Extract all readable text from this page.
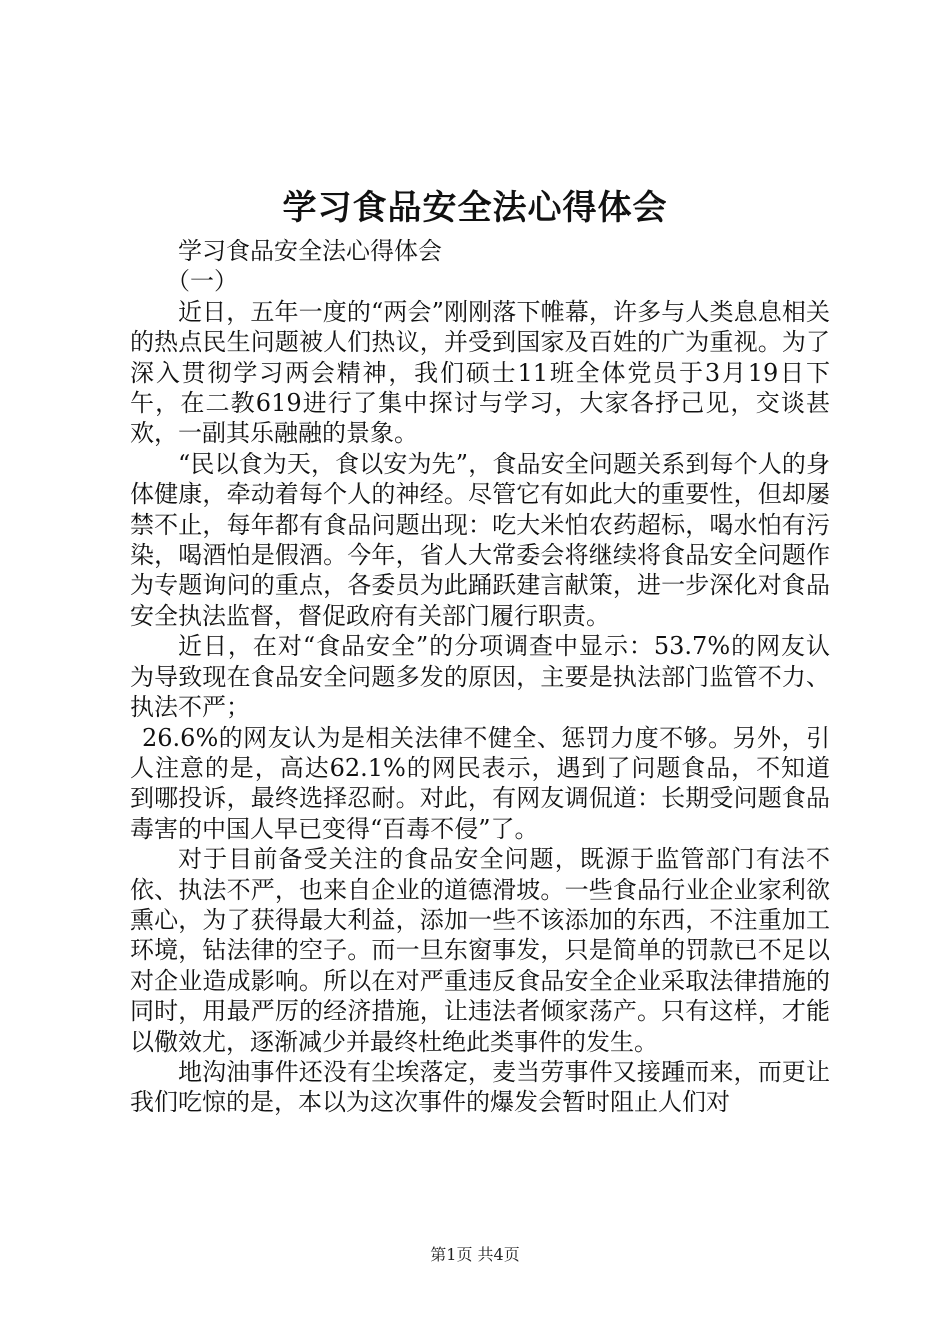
学习食品安全法心得体会

学习食品安全法心得体会

（一）

近日，五年一度的“两会”刚刚落下帷幕，许多与人类息息相关的热点民生问题被人们热议，并受到国家及百姓的广为重视。为了深入贯彻学习两会精神，我们硕士11班全体党员于3月19日下午，在二教619进行了集中探讨与学习，大家各抒己见，交谈甚欢，一副其乐融融的景象。

“民以食为天，食以安为先”，食品安全问题关系到每个人的身体健康，牵动着每个人的神经。尽管它有如此大的重要性，但却屡禁不止，每年都有食品问题出现：吃大米怕农药超标，喝水怕有污染，喝酒怕是假酒。今年，省人大常委会将继续将食品安全问题作为专题询问的重点，各委员为此踊跃建言献策，进一步深化对食品安全执法监督，督促政府有关部门履行职责。

近日，在对“食品安全”的分项调查中显示：53.7%的网友认为导致现在食品安全问题多发的原因，主要是执法部门监管不力、执法不严；

26.6%的网友认为是相关法律不健全、惩罚力度不够。另外，引人注意的是，高达62.1%的网民表示，遇到了问题食品，不知道到哪投诉，最终选择忍耐。对此，有网友调侃道：长期受问题食品毒害的中国人早已变得“百毒不侵”了。

对于目前备受关注的食品安全问题，既源于监管部门有法不依、执法不严，也来自企业的道德滑坡。一些食品行业企业家利欲熏心，为了获得最大利益，添加一些不该添加的东西，不注重加工环境，钻法律的空子。而一旦东窗事发，只是简单的罚款已不足以对企业造成影响。所以在对严重违反食品安全企业采取法律措施的同时，用最严厉的经济措施，让违法者倾家荡产。只有这样，才能以儆效尤，逐渐减少并最终杜绝此类事件的发生。

地沟油事件还没有尘埃落定，麦当劳事件又接踵而来，而更让我们吃惊的是，本以为这次事件的爆发会暂时阻止人们对

第1页 共4页
